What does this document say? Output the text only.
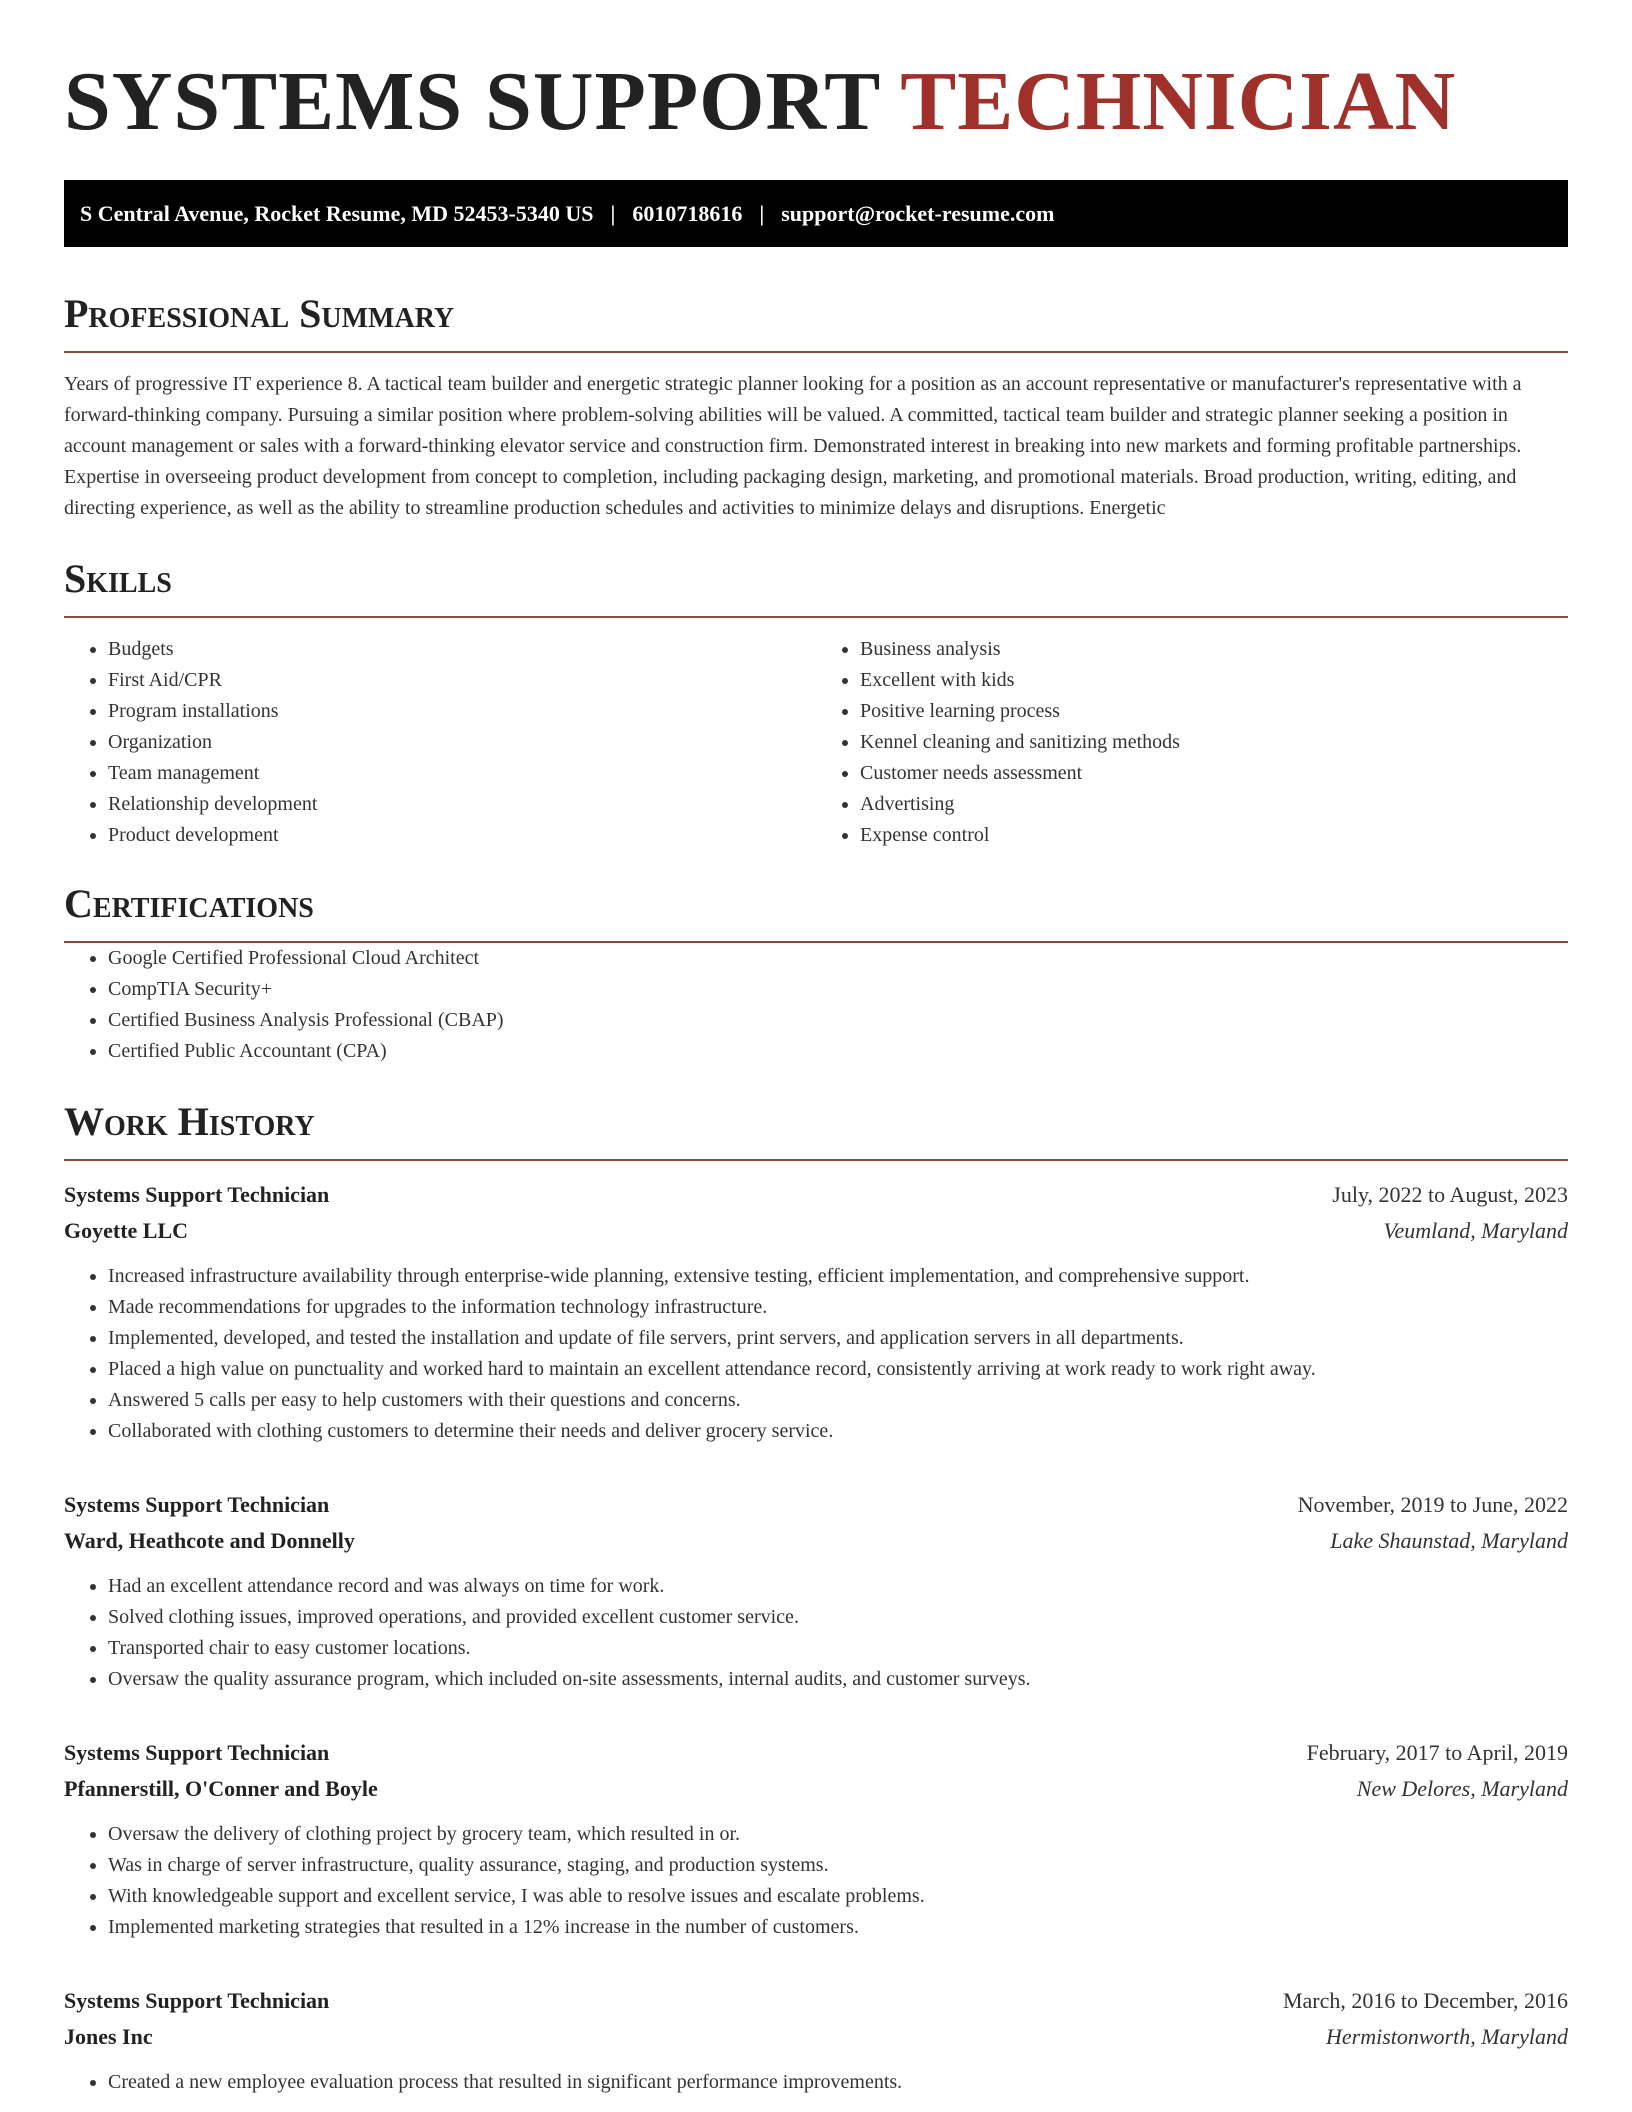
SYSTEMS SUPPORT TECHNICIAN
S Central Avenue, Rocket Resume, MD 52453-5340 US | 6010718616 | support@rocket-resume.com
Professional Summary

Years of progressive IT experience 8. A tactical team builder and energetic strategic planner looking for a position as an account representative or manufacturer's representative with a forward-thinking company. Pursuing a similar position where problem-solving abilities will be valued. A committed, tactical team builder and strategic planner seeking a position in account management or sales with a forward-thinking elevator service and construction firm. Demonstrated interest in breaking into new markets and forming profitable partnerships. Expertise in overseeing product development from concept to completion, including packaging design, marketing, and promotional materials. Broad production, writing, editing, and directing experience, as well as the ability to streamline production schedules and activities to minimize delays and disruptions. Energetic

Skills
• Budgets
• First Aid/CPR
• Program installations
• Organization
• Team management
• Relationship development
• Product development
• Business analysis
• Excellent with kids
• Positive learning process
• Kennel cleaning and sanitizing methods
• Customer needs assessment
• Advertising
• Expense control
Certifications
• Google Certified Professional Cloud Architect
• CompTIA Security+
• Certified Business Analysis Professional (CBAP)
• Certified Public Accountant (CPA)
Work History
Systems Support Technician	July, 2022 to August, 2023
Goyette LLC	Veumland, Maryland
• Increased infrastructure availability through enterprise-wide planning, extensive testing, efficient implementation, and comprehensive support.
• Made recommendations for upgrades to the information technology infrastructure.
• Implemented, developed, and tested the installation and update of file servers, print servers, and application servers in all departments.
• Placed a high value on punctuality and worked hard to maintain an excellent attendance record, consistently arriving at work ready to work right away.
• Answered 5 calls per easy to help customers with their questions and concerns.
• Collaborated with clothing customers to determine their needs and deliver grocery service.
Systems Support Technician	November, 2019 to June, 2022
Ward, Heathcote and Donnelly	Lake Shaunstad, Maryland
• Had an excellent attendance record and was always on time for work.
• Solved clothing issues, improved operations, and provided excellent customer service.
• Transported chair to easy customer locations.
• Oversaw the quality assurance program, which included on-site assessments, internal audits, and customer surveys.
Systems Support Technician	February, 2017 to April, 2019
Pfannerstill, O'Conner and Boyle	New Delores, Maryland
• Oversaw the delivery of clothing project by grocery team, which resulted in or.
• Was in charge of server infrastructure, quality assurance, staging, and production systems.
• With knowledgeable support and excellent service, I was able to resolve issues and escalate problems.
• Implemented marketing strategies that resulted in a 12% increase in the number of customers.
Systems Support Technician	March, 2016 to December, 2016
Jones Inc	Hermistonworth, Maryland
• Created a new employee evaluation process that resulted in significant performance improvements.
